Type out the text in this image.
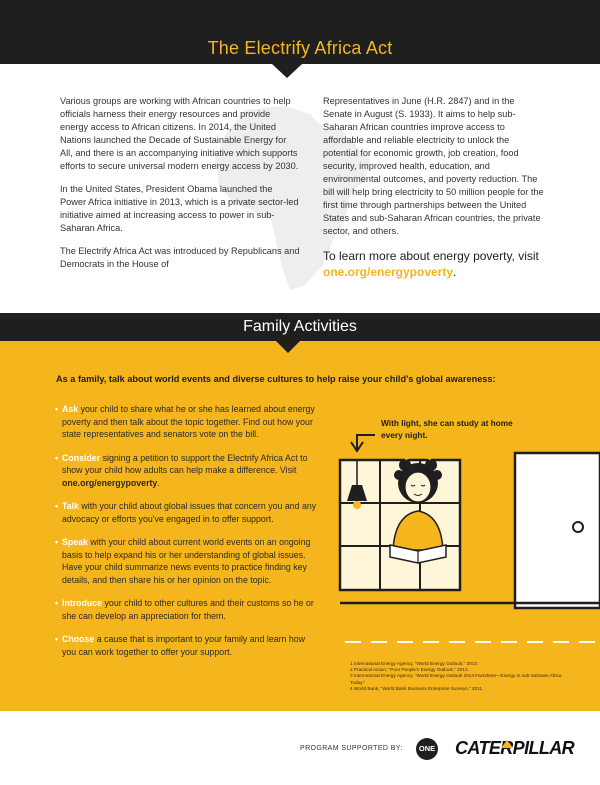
The Electrify Africa Act

Various groups are working with African countries to help officials harness their energy resources and provide energy access to African citizens. In 2014, the United Nations launched the Decade of Sustainable Energy for All, and there is an accompanying initiative which supports efforts to secure universal modern energy access by 2030.

In the United States, President Obama launched the Power Africa initiative in 2013, which is a private sector-led initiative aimed at increasing access to power in sub-Saharan Africa.

The Electrify Africa Act was introduced by Republicans and Democrats in the House of

Representatives in June (H.R. 2847) and in the Senate in August (S. 1933). It aims to help sub-Saharan African countries improve access to affordable and reliable electricity to unlock the potential for economic growth, job creation, food security, improved health, education, and environmental outcomes, and poverty reduction. The bill will help bring electricity to 50 million people for the first time through partnerships between the United States and sub-Saharan African countries, the private sector, and others.

To learn more about energy poverty, visit one.org/energypoverty.
Family Activities
As a family, talk about world events and diverse cultures to help raise your child's global awareness:
• Ask your child to share what he or she has learned about energy poverty and then talk about the topic together. Find out how your state representatives and senators vote on the bill.
• Consider signing a petition to support the Electrify Africa Act to show your child how adults can help make a difference. Visit one.org/energypoverty.
• Talk with your child about global issues that concern you and any advocacy or efforts you've engaged in to offer support.
• Speak with your child about current world events on an ongoing basis to help expand his or her understanding of global issues. Have your child summarize news events to practice finding key details, and then share his or her opinion on the topic.
• Introduce your child to other cultures and their customs so he or she can develop an appreciation for them.
• Choose a cause that is important to your family and learn how you can work together to offer your support.
With light, she can study at home every night.
1 International Energy Agency, "World Energy Outlook," 2013.
2 Practical Action, "Poor People's Energy Outlook," 2013.
3 International Energy Agency, "World Energy Outlook 2014 Factsheet—Energy in sub-Saharan Africa Today."
4 World Bank, "World Bank Business Enterprise Surveys," 2011.
PROGRAM SUPPORTED BY:	ONE CATERPILLAR
